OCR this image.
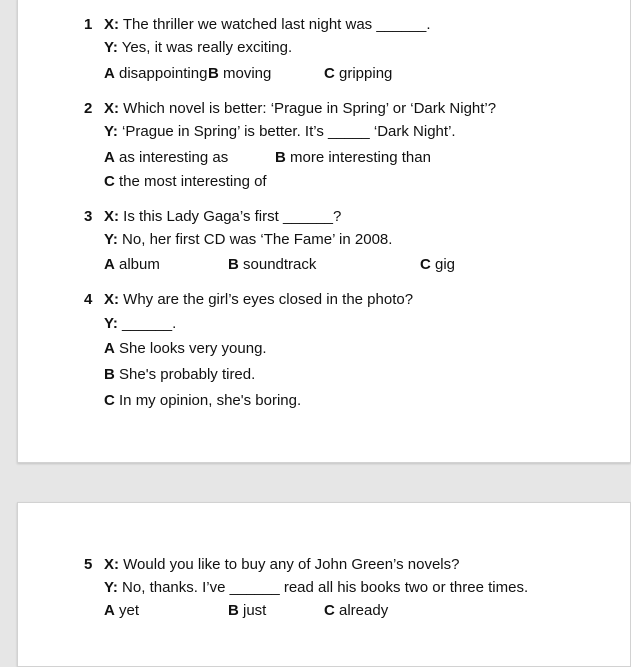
1 X: The thriller we watched last night was ______.
Y: Yes, it was really exciting.
A disappointing B moving	C gripping
2 X: Which novel is better: ‘Prague in Spring’ or ‘Dark Night’?
Y: ‘Prague in Spring’ is better. It’s _____ ‘Dark Night’.
A as interesting as	B more interesting than
C the most interesting of
3 X: Is this Lady Gaga’s first ______?
Y: No, her first CD was ‘The Fame’ in 2008.
A album	B soundtrack	C gig
4 X: Why are the girl’s eyes closed in the photo?
Y: ______.
A She looks very young.
B She's probably tired.
C In my opinion, she's boring.
5 X: Would you like to buy any of John Green’s novels?
Y: No, thanks. I’ve ______ read all his books two or three times.
A yet	B just	C already
